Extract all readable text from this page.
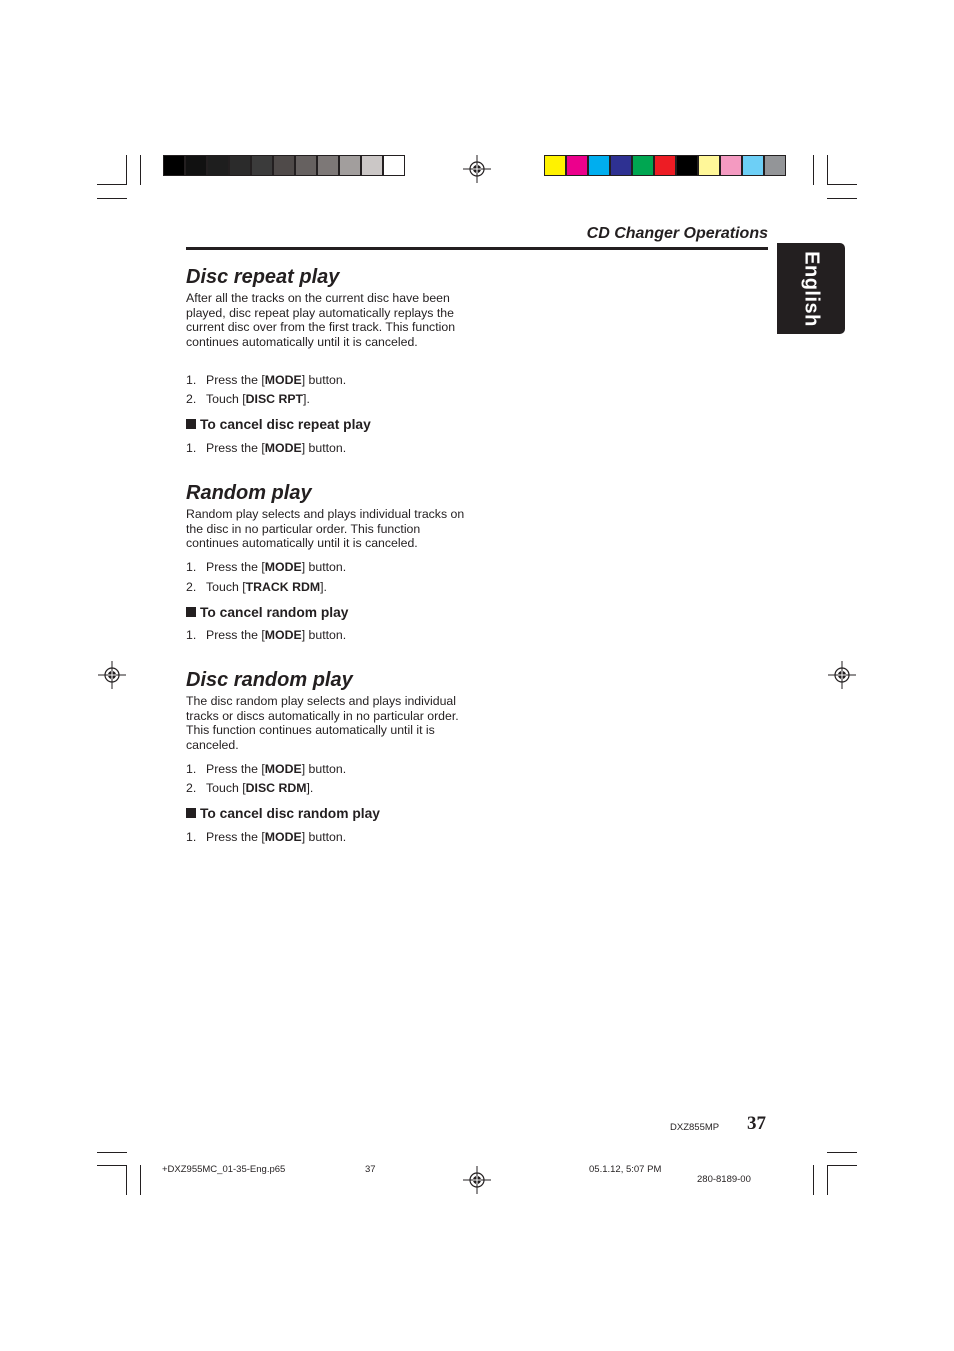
CD Changer Operations
English
Disc repeat play
After all the tracks on the current disc have been played, disc repeat play automatically replays the current disc over from the first track. This function continues automatically until it is canceled.
1. Press the [MODE] button.
2. Touch [DISC RPT].
To cancel disc repeat play
1. Press the [MODE] button.
Random play
Random play selects and plays individual tracks on the disc in no particular order. This function continues automatically until it is canceled.
1. Press the [MODE] button.
2. Touch [TRACK RDM].
To cancel random play
1. Press the [MODE] button.
Disc random play
The disc random play selects and plays individual tracks or discs automatically in no particular order. This function continues automatically until it is canceled.
1. Press the [MODE] button.
2. Touch [DISC RDM].
To cancel disc random play
1. Press the [MODE] button.
DXZ855MP 37
+DXZ955MC_01-35-Eng.p65	37	05.1.12, 5:07 PM
280-8189-00
